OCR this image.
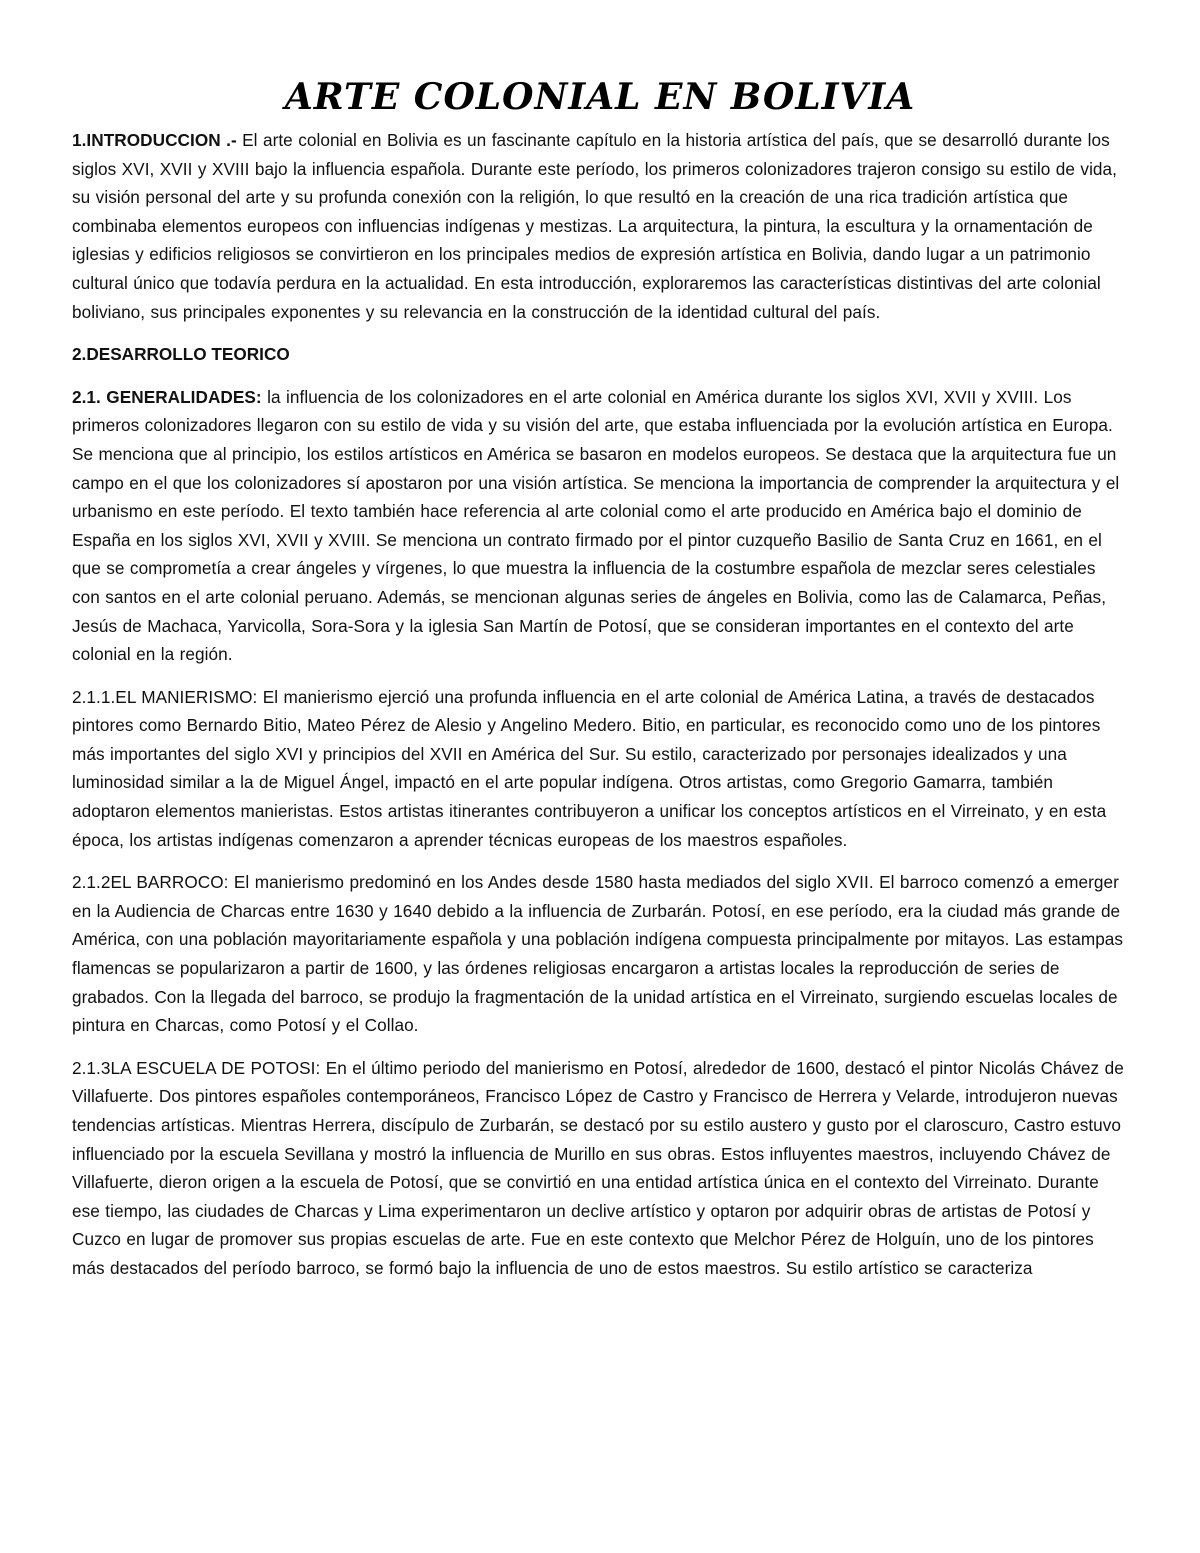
ARTE COLONIAL EN BOLIVIA

1.INTRODUCCION .- El arte colonial en Bolivia es un fascinante capítulo en la historia artística del país, que se desarrolló durante los siglos XVI, XVII y XVIII bajo la influencia española. Durante este período, los primeros colonizadores trajeron consigo su estilo de vida, su visión personal del arte y su profunda conexión con la religión, lo que resultó en la creación de una rica tradición artística que combinaba elementos europeos con influencias indígenas y mestizas. La arquitectura, la pintura, la escultura y la ornamentación de iglesias y edificios religiosos se convirtieron en los principales medios de expresión artística en Bolivia, dando lugar a un patrimonio cultural único que todavía perdura en la actualidad. En esta introducción, exploraremos las características distintivas del arte colonial boliviano, sus principales exponentes y su relevancia en la construcción de la identidad cultural del país.

2.DESARROLLO TEORICO

2.1. GENERALIDADES: la influencia de los colonizadores en el arte colonial en América durante los siglos XVI, XVII y XVIII. Los primeros colonizadores llegaron con su estilo de vida y su visión del arte, que estaba influenciada por la evolución artística en Europa. Se menciona que al principio, los estilos artísticos en América se basaron en modelos europeos. Se destaca que la arquitectura fue un campo en el que los colonizadores sí apostaron por una visión artística. Se menciona la importancia de comprender la arquitectura y el urbanismo en este período. El texto también hace referencia al arte colonial como el arte producido en América bajo el dominio de España en los siglos XVI, XVII y XVIII. Se menciona un contrato firmado por el pintor cuzqueño Basilio de Santa Cruz en 1661, en el que se comprometía a crear ángeles y vírgenes, lo que muestra la influencia de la costumbre española de mezclar seres celestiales con santos en el arte colonial peruano. Además, se mencionan algunas series de ángeles en Bolivia, como las de Calamarca, Peñas, Jesús de Machaca, Yarvicolla, Sora-Sora y la iglesia San Martín de Potosí, que se consideran importantes en el contexto del arte colonial en la región.

2.1.1.EL MANIERISMO: El manierismo ejerció una profunda influencia en el arte colonial de América Latina, a través de destacados pintores como Bernardo Bitio, Mateo Pérez de Alesio y Angelino Medero. Bitio, en particular, es reconocido como uno de los pintores más importantes del siglo XVI y principios del XVII en América del Sur. Su estilo, caracterizado por personajes idealizados y una luminosidad similar a la de Miguel Ángel, impactó en el arte popular indígena. Otros artistas, como Gregorio Gamarra, también adoptaron elementos manieristas. Estos artistas itinerantes contribuyeron a unificar los conceptos artísticos en el Virreinato, y en esta época, los artistas indígenas comenzaron a aprender técnicas europeas de los maestros españoles.

2.1.2EL BARROCO: El manierismo predominó en los Andes desde 1580 hasta mediados del siglo XVII. El barroco comenzó a emerger en la Audiencia de Charcas entre 1630 y 1640 debido a la influencia de Zurbarán. Potosí, en ese período, era la ciudad más grande de América, con una población mayoritariamente española y una población indígena compuesta principalmente por mitayos. Las estampas flamencas se popularizaron a partir de 1600, y las órdenes religiosas encargaron a artistas locales la reproducción de series de grabados. Con la llegada del barroco, se produjo la fragmentación de la unidad artística en el Virreinato, surgiendo escuelas locales de pintura en Charcas, como Potosí y el Collao.

2.1.3LA ESCUELA DE POTOSI: En el último periodo del manierismo en Potosí, alrededor de 1600, destacó el pintor Nicolás Chávez de Villafuerte. Dos pintores españoles contemporáneos, Francisco López de Castro y Francisco de Herrera y Velarde, introdujeron nuevas tendencias artísticas. Mientras Herrera, discípulo de Zurbarán, se destacó por su estilo austero y gusto por el claroscuro, Castro estuvo influenciado por la escuela Sevillana y mostró la influencia de Murillo en sus obras. Estos influyentes maestros, incluyendo Chávez de Villafuerte, dieron origen a la escuela de Potosí, que se convirtió en una entidad artística única en el contexto del Virreinato. Durante ese tiempo, las ciudades de Charcas y Lima experimentaron un declive artístico y optaron por adquirir obras de artistas de Potosí y Cuzco en lugar de promover sus propias escuelas de arte. Fue en este contexto que Melchor Pérez de Holguín, uno de los pintores más destacados del período barroco, se formó bajo la influencia de uno de estos maestros. Su estilo artístico se caracteriza
